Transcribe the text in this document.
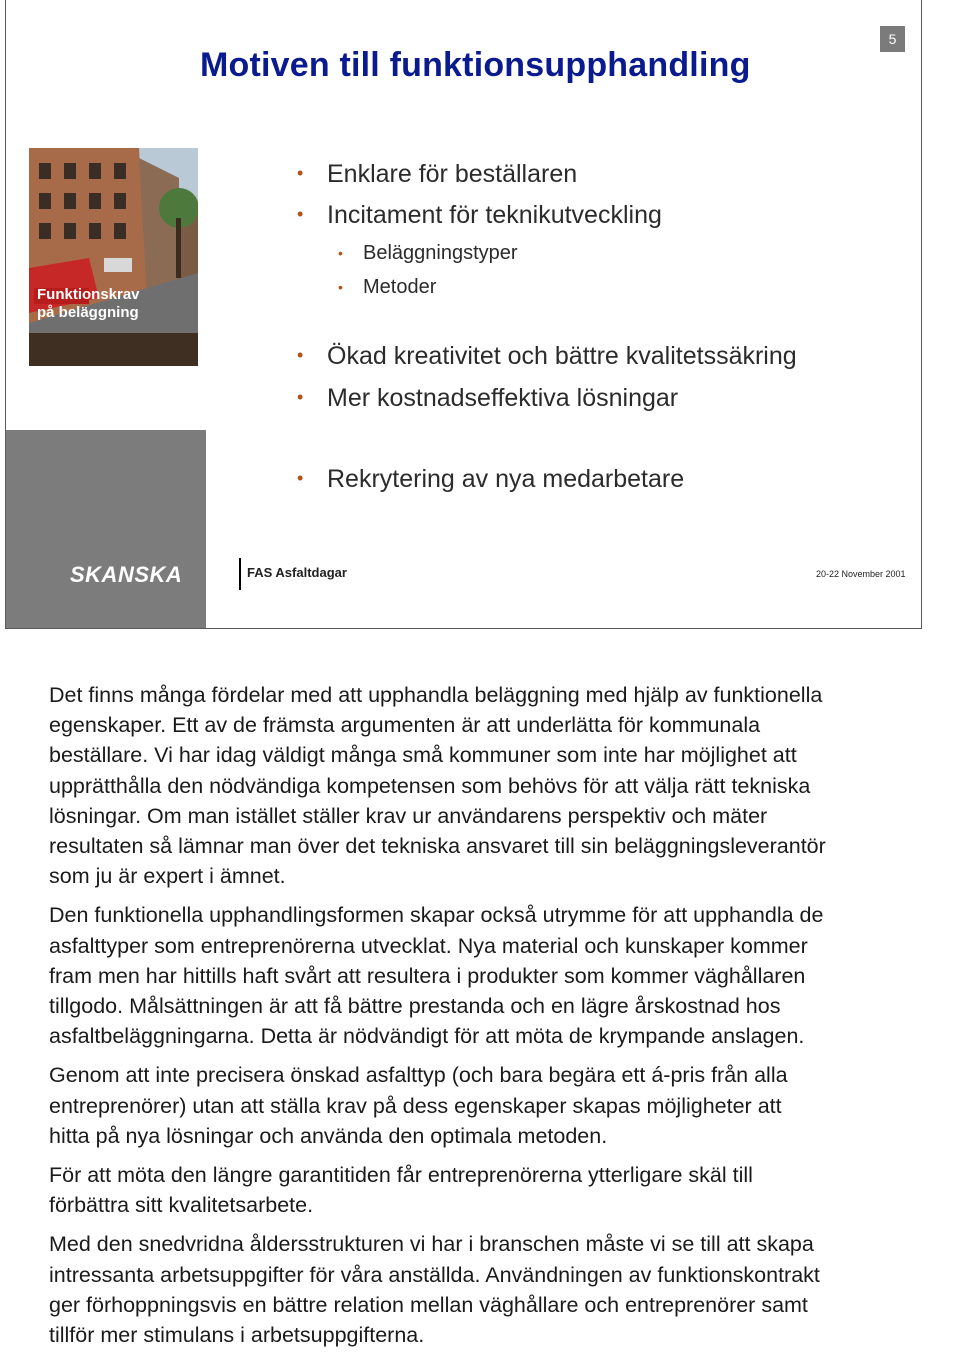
5
Motiven till funktionsupphandling
Funktionskrav
på beläggning
• Enklare för beställaren
• Incitament för teknikutveckling
• Beläggningstyper
• Metoder
• Ökad kreativitet och bättre kvalitetssäkring
• Mer kostnadseffektiva lösningar
• Rekrytering av nya medarbetare
SKANSKA	FAS Asfaltdagar	20-22 November 2001

Det finns många fördelar med att upphandla beläggning med hjälp av funktionella
egenskaper. Ett av de främsta argumenten är att underlätta för kommunala
beställare. Vi har idag väldigt många små kommuner som inte har möjlighet att
upprätthålla den nödvändiga kompetensen som behövs för att välja rätt tekniska
lösningar. Om man istället ställer krav ur användarens perspektiv och mäter
resultaten så lämnar man över det tekniska ansvaret till sin beläggningsleverantör
som ju är expert i ämnet.

Den funktionella upphandlingsformen skapar också utrymme för att upphandla de
asfalttyper som entreprenörerna utvecklat. Nya material och kunskaper kommer
fram men har hittills haft svårt att resultera i produkter som kommer väghållaren
tillgodo. Målsättningen är att få bättre prestanda och en lägre årskostnad hos
asfaltbeläggningarna. Detta är nödvändigt för att möta de krympande anslagen.

Genom att inte precisera önskad asfalttyp (och bara begära ett á-pris från alla
entreprenörer) utan att ställa krav på dess egenskaper skapas möjligheter att
hitta på nya lösningar och använda den optimala metoden.

För att möta den längre garantitiden får entreprenörerna ytterligare skäl till
förbättra sitt kvalitetsarbete.

Med den snedvridna åldersstrukturen vi har i branschen måste vi se till att skapa
intressanta arbetsuppgifter för våra anställda. Användningen av funktionskontrakt
ger förhoppningsvis en bättre relation mellan väghållare och entreprenörer samt
tillför mer stimulans i arbetsuppgifterna.
